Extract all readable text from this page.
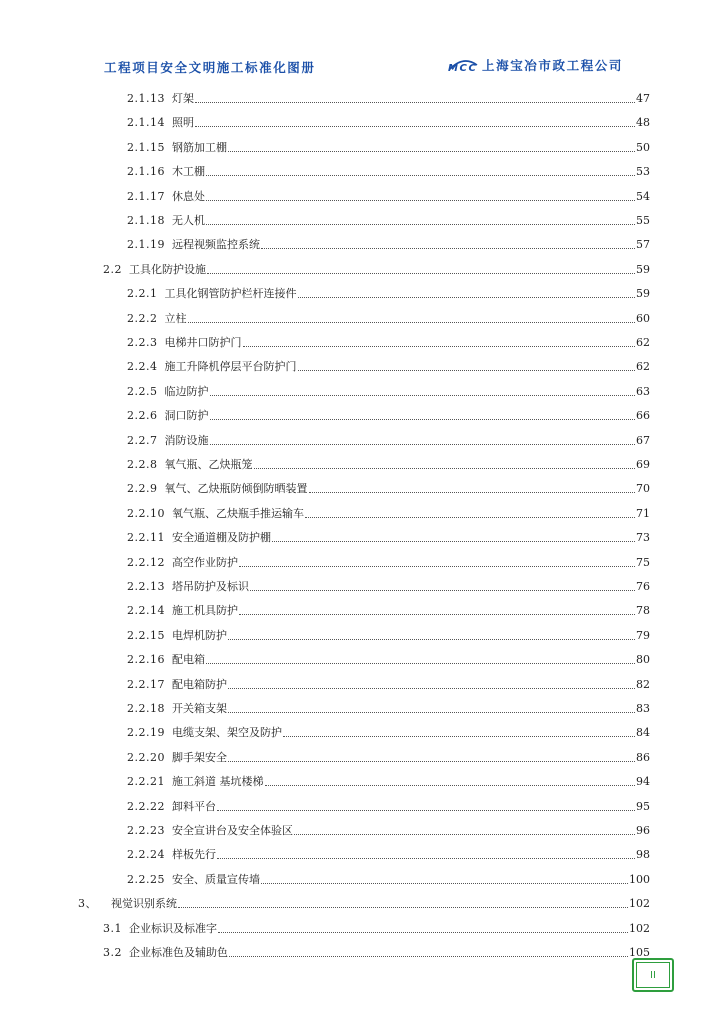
工程项目安全文明施工标准化图册	MCC 上海宝冶市政工程公司
2.1.13 灯架	47
2.1.14 照明	48
2.1.15 钢筋加工棚	50
2.1.16 木工棚	53
2.1.17 休息处	54
2.1.18 无人机	55
2.1.19 远程视频监控系统	57
2.2 工具化防护设施	59
2.2.1 工具化钢管防护栏杆连接件	59
2.2.2 立柱	60
2.2.3 电梯井口防护门	62
2.2.4 施工升降机停层平台防护门	62
2.2.5 临边防护	63
2.2.6 洞口防护	66
2.2.7 消防设施	67
2.2.8 氧气瓶、乙炔瓶笼	69
2.2.9 氧气、乙炔瓶防倾倒防晒装置	70
2.2.10 氧气瓶、乙炔瓶手推运输车	71
2.2.11 安全通道棚及防护棚	73
2.2.12 高空作业防护	75
2.2.13 塔吊防护及标识	76
2.2.14 施工机具防护	78
2.2.15 电焊机防护	79
2.2.16 配电箱	80
2.2.17 配电箱防护	82
2.2.18 开关箱支架	83
2.2.19 电缆支架、架空及防护	84
2.2.20 脚手架安全	86
2.2.21 施工斜道 基坑楼梯	94
2.2.22 卸料平台	95
2.2.23 安全宣讲台及安全体验区	96
2.2.24 样板先行	98
2.2.25 安全、质量宣传墙	100
3、 视觉识别系统	102
3.1 企业标识及标准字	102
3.2 企业标准色及辅助色	105
II
